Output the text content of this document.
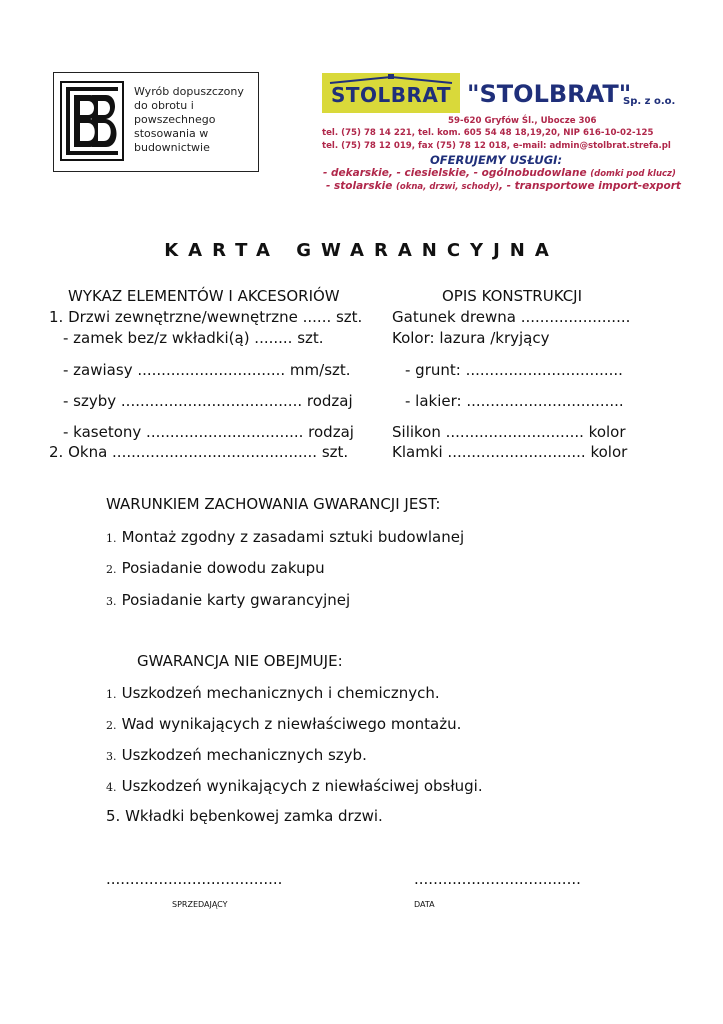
Wyrób dopuszczony
do obrotu i
powszechnego
stosowania w
budownictwie
STOLBRAT "STOLBRAT"
Sp. z o.o.
59-620 Gryfów Śl., Ubocze 306
tel. (75) 78 14 221, tel. kom. 605 54 48 18,19,20, NIP 616-10-02-125
tel. (75) 78 12 019, fax (75) 78 12 018, e-mail: admin@stolbrat.strefa.pl
OFERUJEMY USŁUGI:
- dekarskie, - ciesielskie, - ogólnobudowlane (domki pod klucz)
- stolarskie (okna, drzwi, schody), - transportowe import-export
KARTA GWARANCYJNA
WYKAZ ELEMENTÓW I AKCESORIÓW
1. Drzwi zewnętrzne/wewnętrzne ...... szt.
- zamek bez/z wkładki(ą) ........ szt.
- zawiasy ............................... mm/szt.
- szyby ...................................... rodzaj
- kasetony ................................. rodzaj
2. Okna ........................................... szt.
OPIS KONSTRUKCJI
Gatunek drewna .......................
Kolor: lazura /kryjący
- grunt: .................................
- lakier: .................................
Silikon ............................. kolor
Klamki ............................. kolor
WARUNKIEM ZACHOWANIA GWARANCJI JEST:
1. Montaż zgodny z zasadami sztuki budowlanej
2. Posiadanie dowodu zakupu
3. Posiadanie karty gwarancyjnej
GWARANCJA NIE OBEJMUJE:
1. Uszkodzeń mechanicznych i chemicznych.
2. Wad wynikających z niewłaściwego montażu.
3. Uszkodzeń mechanicznych szyb.
4. Uszkodzeń wynikających z niewłaściwej obsługi.
5. Wkładki bębenkowej zamka drzwi.
.....................................
SPRZEDAJĄCY
...................................
DATA
